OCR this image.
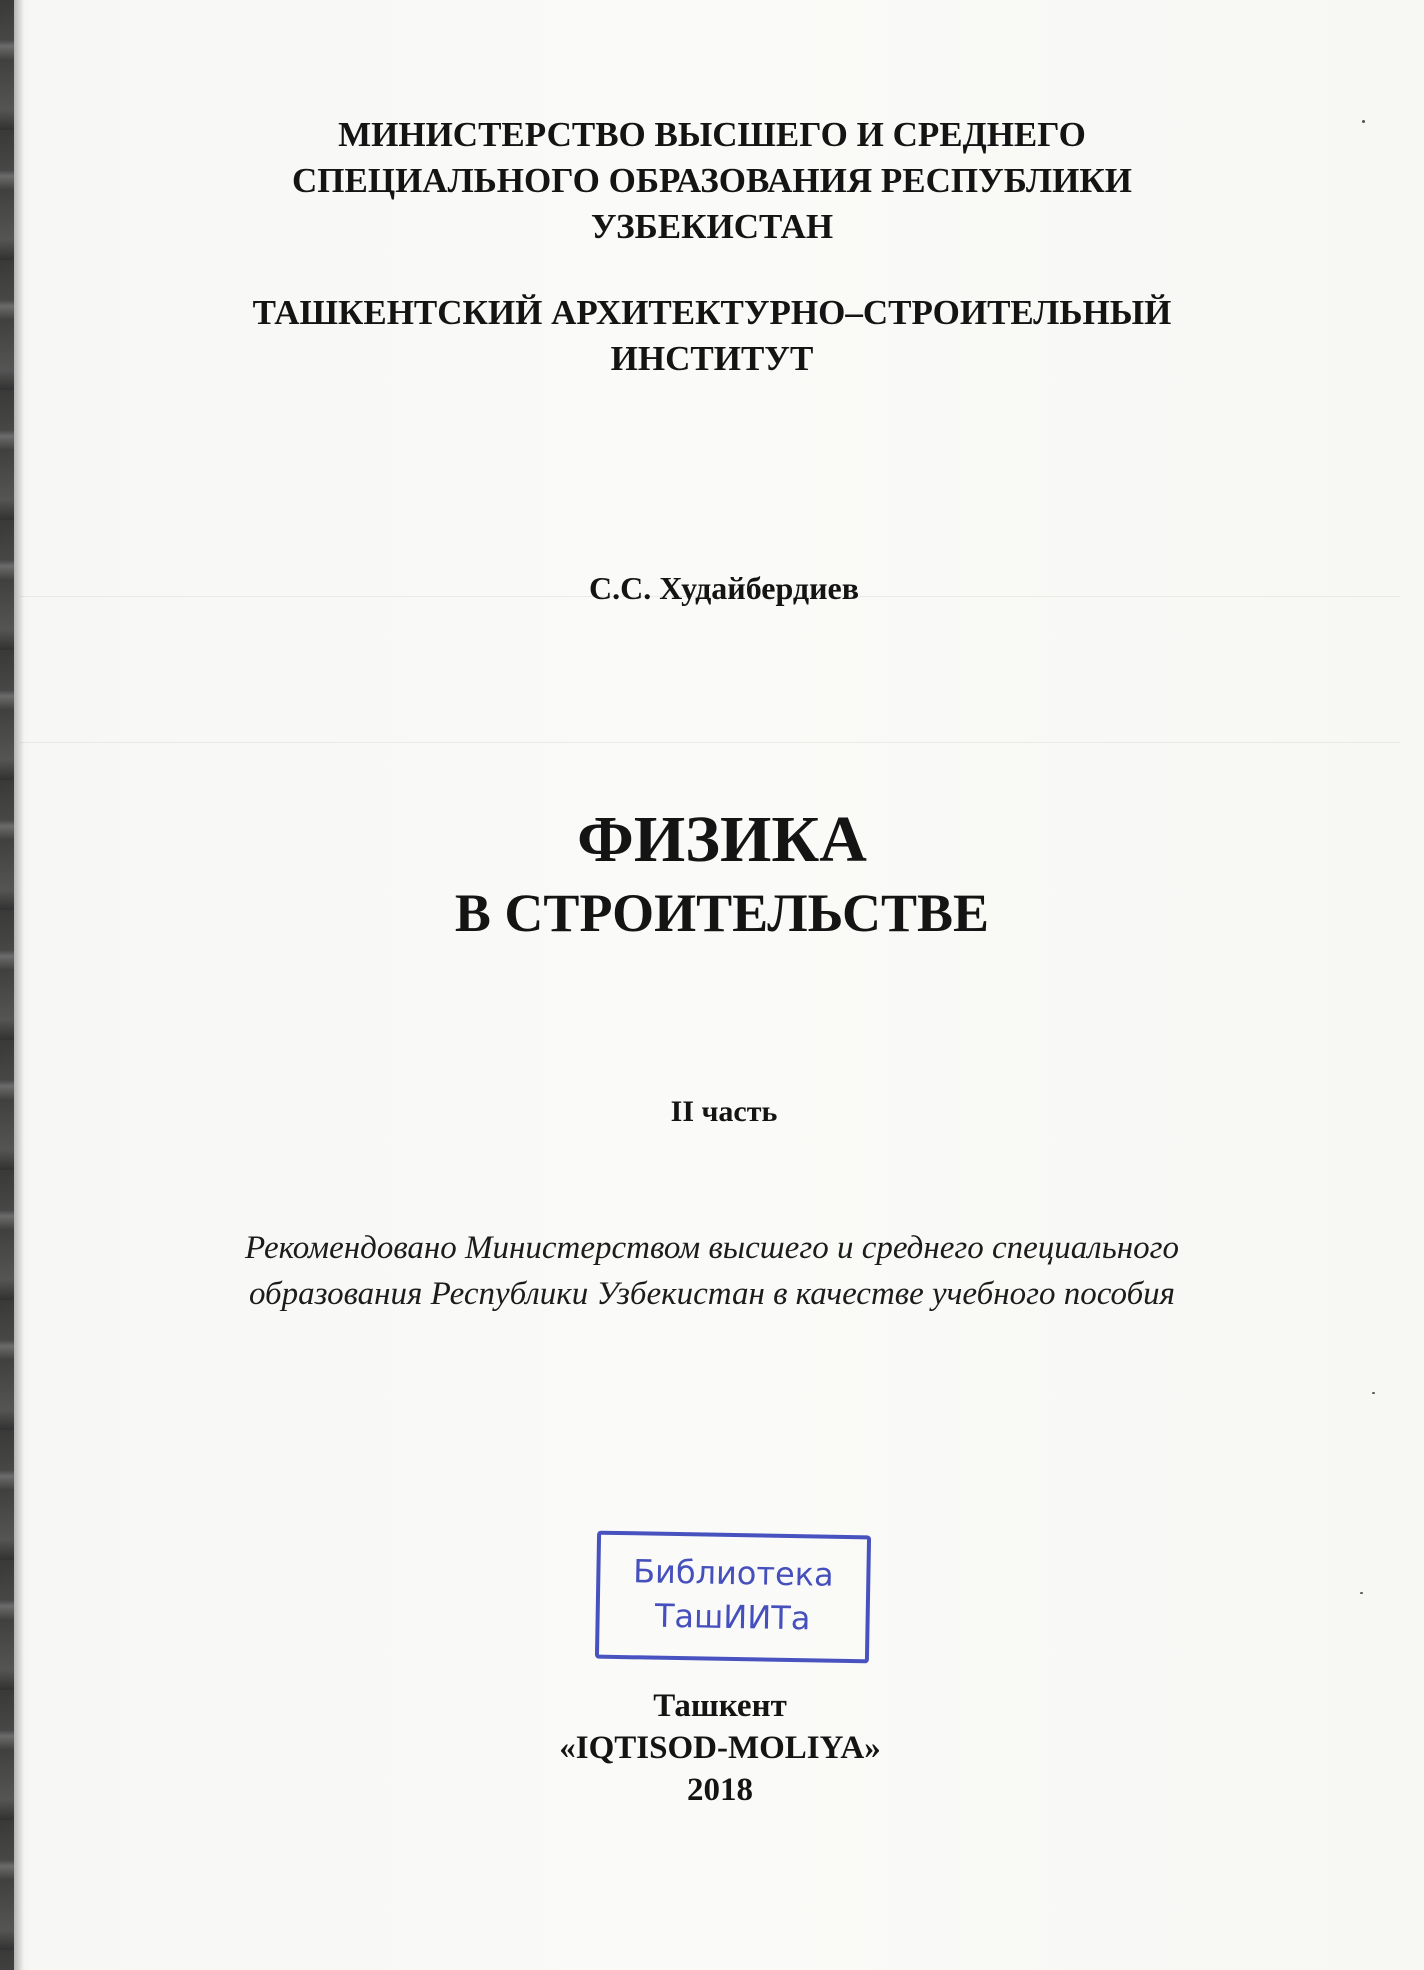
МИНИСТЕРСТВО ВЫСШЕГО И СРЕДНЕГО
СПЕЦИАЛЬНОГО ОБРАЗОВАНИЯ РЕСПУБЛИКИ
УЗБЕКИСТАН
ТАШКЕНТСКИЙ АРХИТЕКТУРНО–СТРОИТЕЛЬНЫЙ
ИНСТИТУТ
С.С. Худайбердиев
ФИЗИКА
В СТРОИТЕЛЬСТВЕ
II часть
Рекомендовано Министерством высшего и среднего специального
образования Республики Узбекистан в качестве учебного пособия
Библиотека
ТашИИТа
Ташкент
«IQTISOD-MOLIYA»
2018
